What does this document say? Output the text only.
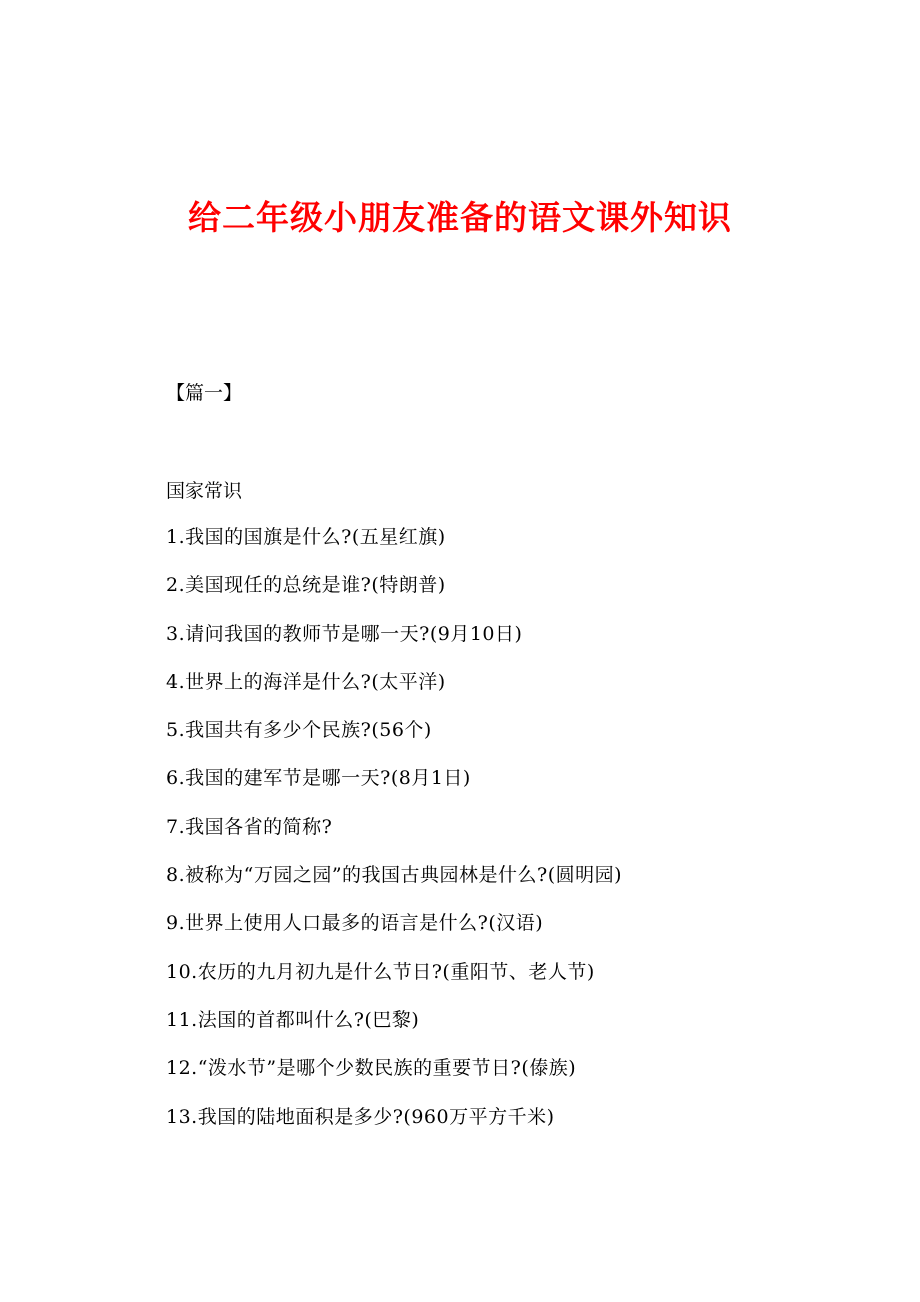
给二年级小朋友准备的语文课外知识
【篇一】
国家常识
1.我国的国旗是什么?(五星红旗)
2.美国现任的总统是谁?(特朗普)
3.请问我国的教师节是哪一天?(9月10日)
4.世界上的海洋是什么?(太平洋)
5.我国共有多少个民族?(56个)
6.我国的建军节是哪一天?(8月1日)
7.我国各省的简称?
8.被称为“万园之园”的我国古典园林是什么?(圆明园)
9.世界上使用人口最多的语言是什么?(汉语)
10.农历的九月初九是什么节日?(重阳节、老人节)
11.法国的首都叫什么?(巴黎)
12.“泼水节”是哪个少数民族的重要节日?(傣族)
13.我国的陆地面积是多少?(960万平方千米)
